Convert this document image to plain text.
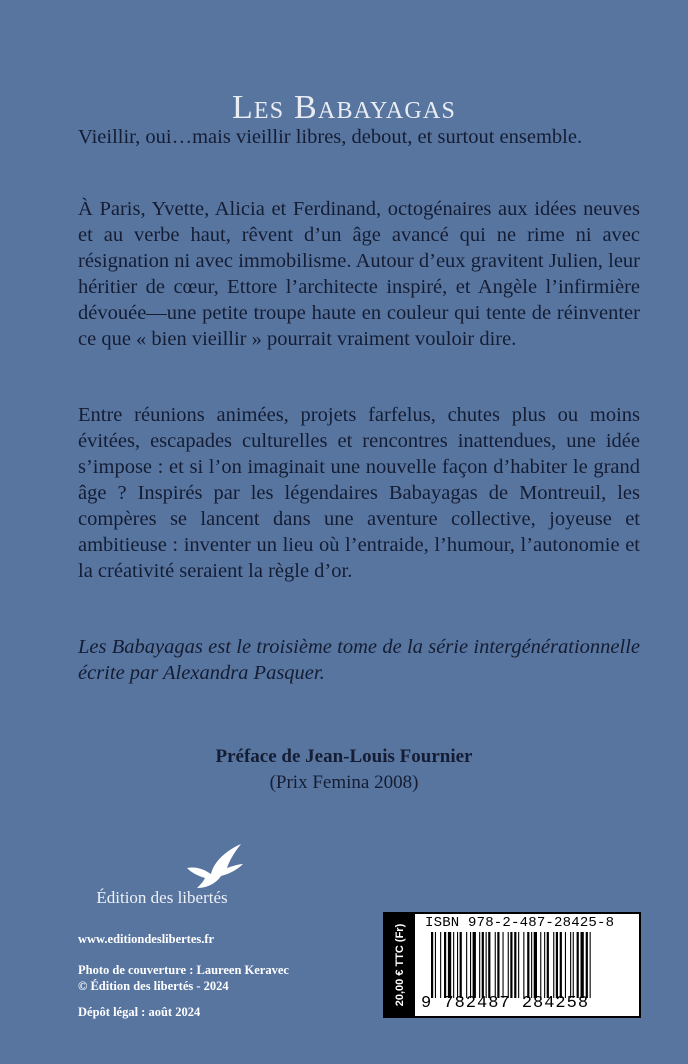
Les Babayagas

Vieillir, oui…mais vieillir libres, debout, et surtout ensemble.

À Paris, Yvette, Alicia et Ferdinand, octogénaires aux idées neuves et au verbe haut, rêvent d’un âge avancé qui ne rime ni avec résignation ni avec immobilisme. Autour d’eux gravitent Julien, leur héritier de cœur, Ettore l’architecte inspiré, et Angèle l’infirmière dévouée—une petite troupe haute en couleur qui tente de réinventer ce que « bien vieillir » pourrait vraiment vouloir dire.

Entre réunions animées, projets farfelus, chutes plus ou moins évitées, escapades culturelles et rencontres inattendues, une idée s’impose : et si l’on imaginait une nouvelle façon d’habiter le grand âge ? Inspirés par les légendaires Babayagas de Montreuil, les compères se lancent dans une aventure collective, joyeuse et ambitieuse : inventer un lieu où l’entraide, l’humour, l’autonomie et la créativité seraient la règle d’or.

Les Babayagas est le troisième tome de la série intergénérationnelle écrite par Alexandra Pasquer.

Préface de Jean-Louis Fournier
(Prix Femina 2008)
Édition des libertés
www.editiondeslibertes.fr
Photo de couverture : Laureen Keravec
© Édition des libertés - 2024
Dépôt légal : août 2024
20,00 € TTC (Fr)
ISBN 978-2-487-28425-8
9 782487 284258
